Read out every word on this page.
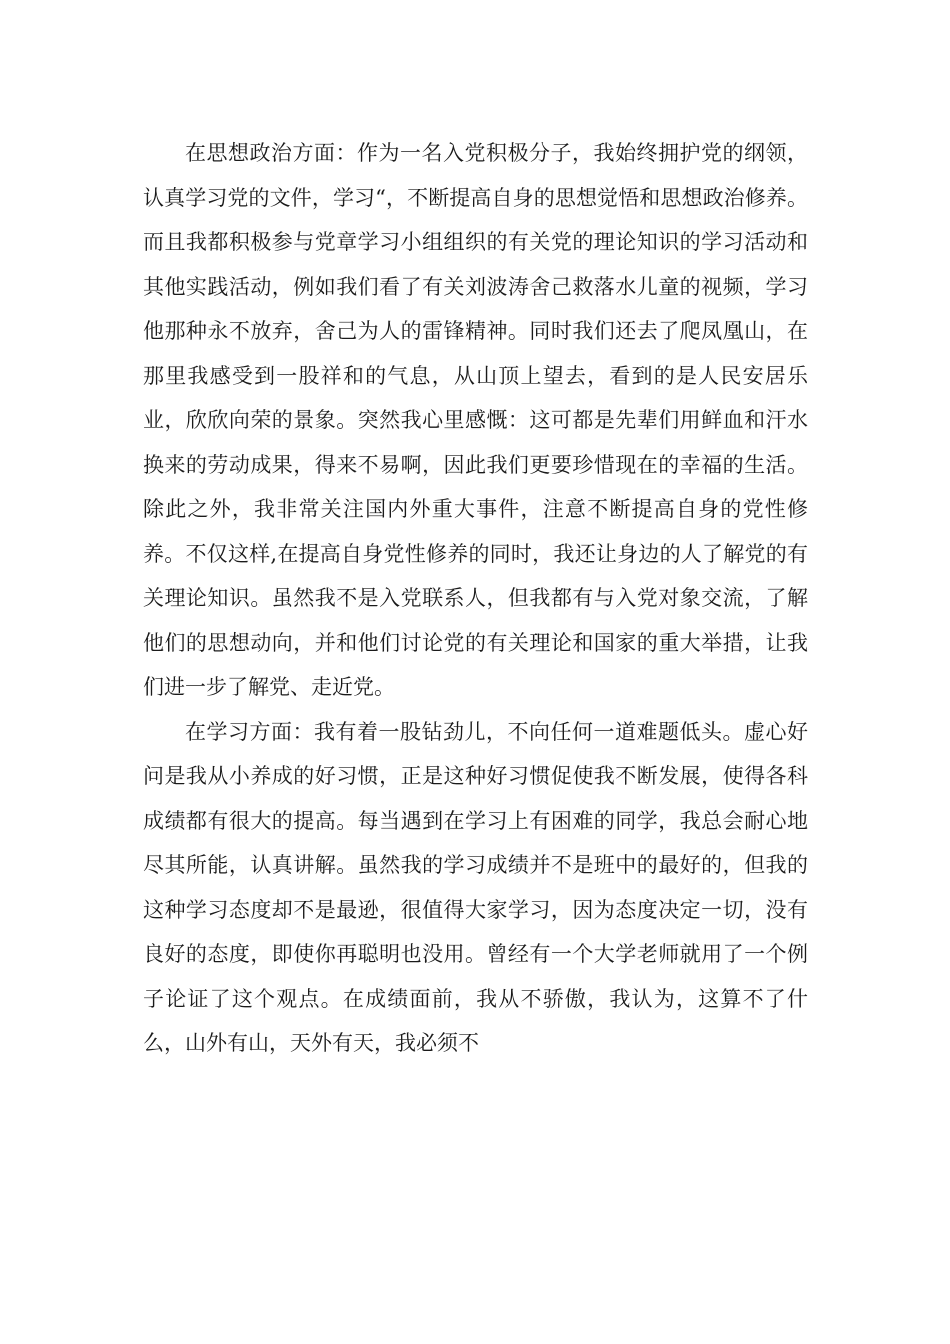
在思想政治方面：作为一名入党积极分子，我始终拥护党的纲领，认真学习党的文件，学习“，不断提高自身的思想觉悟和思想政治修养。而且我都积极参与党章学习小组组织的有关党的理论知识的学习活动和其他实践活动，例如我们看了有关刘波涛舍己救落水儿童的视频，学习他那种永不放弃，舍己为人的雷锋精神。同时我们还去了爬凤凰山，在那里我感受到一股祥和的气息，从山顶上望去，看到的是人民安居乐业，欣欣向荣的景象。突然我心里感慨：这可都是先辈们用鲜血和汗水换来的劳动成果，得来不易啊，因此我们更要珍惜现在的幸福的生活。除此之外，我非常关注国内外重大事件，注意不断提高自身的党性修养。不仅这样,在提高自身党性修养的同时，我还让身边的人了解党的有关理论知识。虽然我不是入党联系人，但我都有与入党对象交流，了解他们的思想动向，并和他们讨论党的有关理论和国家的重大举措，让我们进一步了解党、走近党。

在学习方面：我有着一股钻劲儿，不向任何一道难题低头。虚心好问是我从小养成的好习惯，正是这种好习惯促使我不断发展，使得各科成绩都有很大的提高。每当遇到在学习上有困难的同学，我总会耐心地尽其所能，认真讲解。虽然我的学习成绩并不是班中的最好的，但我的这种学习态度却不是最逊，很值得大家学习，因为态度决定一切，没有良好的态度，即使你再聪明也没用。曾经有一个大学老师就用了一个例子论证了这个观点。在成绩面前，我从不骄傲，我认为，这算不了什么，山外有山，天外有天，我必须不
